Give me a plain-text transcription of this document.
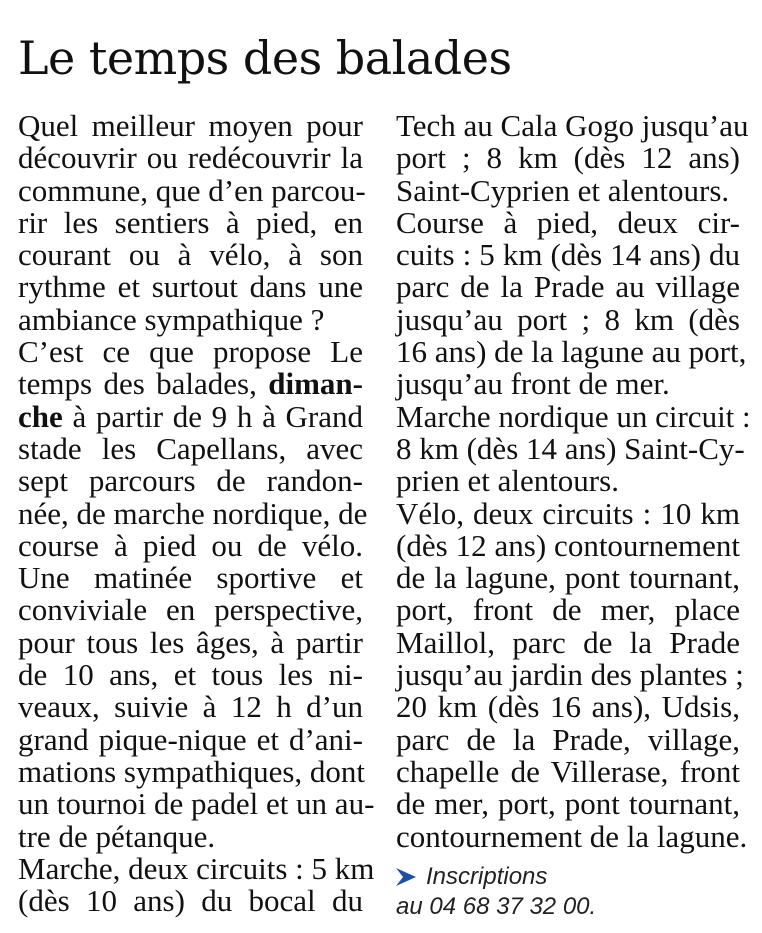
Le temps des balades
Quel meilleur moyen pour
découvrir ou redécouvrir la
commune, que d’en parcou-
rir les sentiers à pied, en
courant ou à vélo, à son
rythme et surtout dans une
ambiance sympathique ?
C’est ce que propose Le
temps des balades, diman-
che à partir de 9 h à Grand
stade les Capellans, avec
sept parcours de randon-
née, de marche nordique, de
course à pied ou de vélo.
Une matinée sportive et
conviviale en perspective,
pour tous les âges, à partir
de 10 ans, et tous les ni-
veaux, suivie à 12 h d’un
grand pique-nique et d’ani-
mations sympathiques, dont
un tournoi de padel et un au-
tre de pétanque.
Marche, deux circuits : 5 km
(dès 10 ans) du bocal du
Tech au Cala Gogo jusqu’au
port ; 8 km (dès 12 ans)
Saint-Cyprien et alentours.
Course à pied, deux cir-
cuits : 5 km (dès 14 ans) du
parc de la Prade au village
jusqu’au port ; 8 km (dès
16 ans) de la lagune au port,
jusqu’au front de mer.
Marche nordique un circuit :
8 km (dès 14 ans) Saint-Cy-
prien et alentours.
Vélo, deux circuits : 10 km
(dès 12 ans) contournement
de la lagune, pont tournant,
port, front de mer, place
Maillol, parc de la Prade
jusqu’au jardin des plantes ;
20 km (dès 16 ans), Udsis,
parc de la Prade, village,
chapelle de Villerase, front
de mer, port, pont tournant,
contournement de la lagune.
Inscriptions
au 04 68 37 32 00.
